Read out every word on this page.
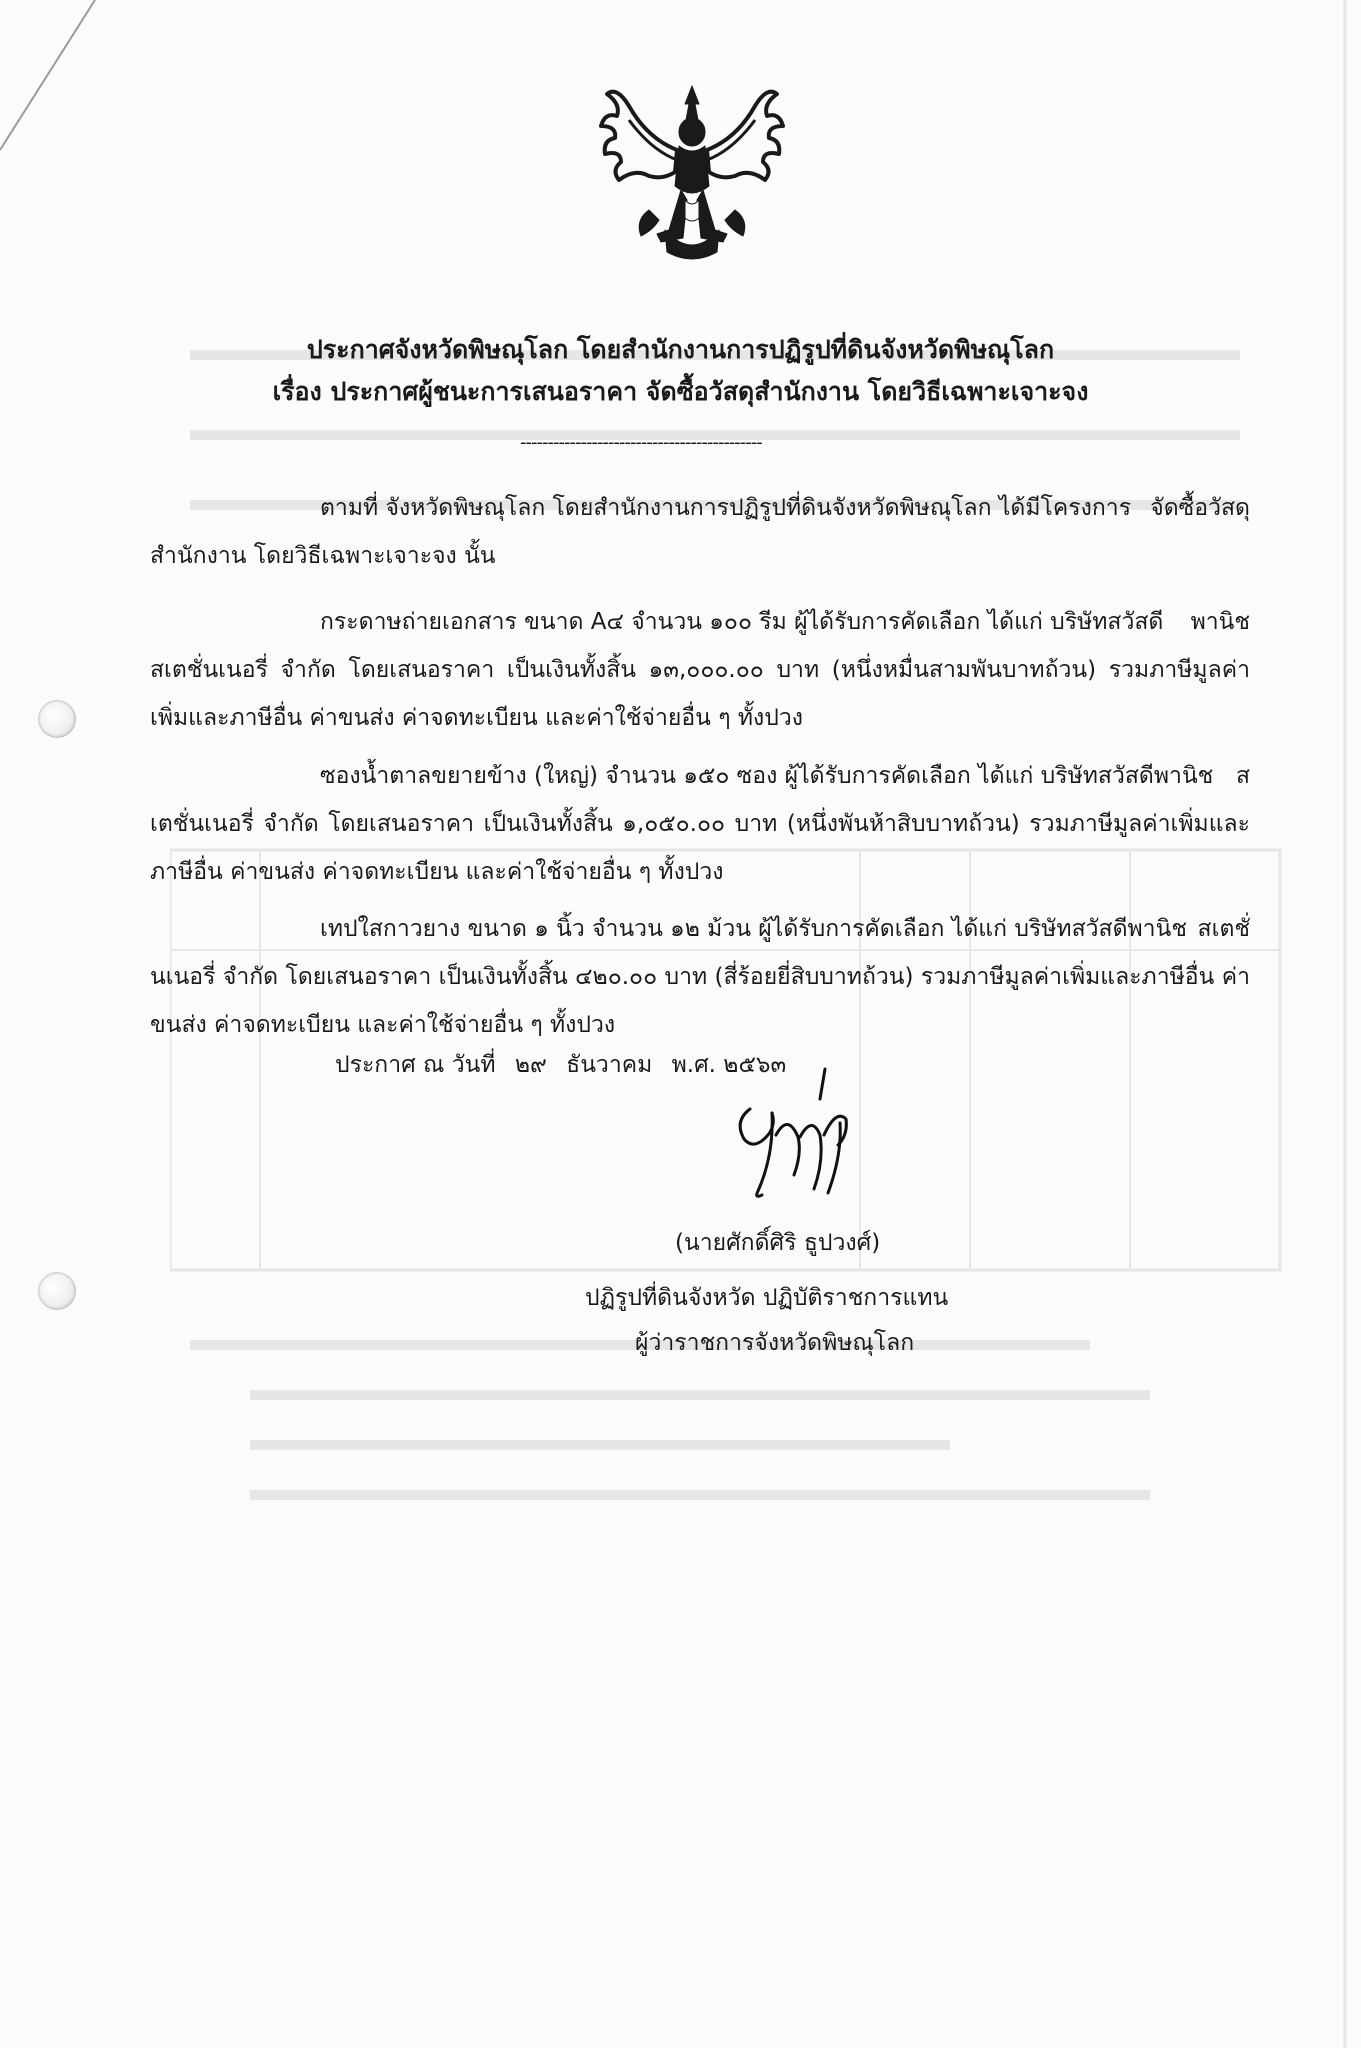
ประกาศจังหวัดพิษณุโลก โดยสำนักงานการปฏิรูปที่ดินจังหวัดพิษณุโลก
เรื่อง ประกาศผู้ชนะการเสนอราคา จัดซื้อวัสดุสำนักงาน โดยวิธีเฉพาะเจาะจง
--------------------------------------------
ตามที่ จังหวัดพิษณุโลก โดยสำนักงานการปฏิรูปที่ดินจังหวัดพิษณุโลก ได้มีโครงการ จัดซื้อวัสดุสำนักงาน โดยวิธีเฉพาะเจาะจง นั้น
กระดาษถ่ายเอกสาร ขนาด A๔ จำนวน ๑๐๐ รีม ผู้ได้รับการคัดเลือก ได้แก่ บริษัทสวัสดี พานิช สเตชั่นเนอรี่ จำกัด โดยเสนอราคา เป็นเงินทั้งสิ้น ๑๓,๐๐๐.๐๐ บาท (หนึ่งหมื่นสามพันบาทถ้วน) รวมภาษีมูลค่าเพิ่มและภาษีอื่น ค่าขนส่ง ค่าจดทะเบียน และค่าใช้จ่ายอื่น ๆ ทั้งปวง
ซองน้ำตาลขยายข้าง (ใหญ่) จำนวน ๑๕๐ ซอง ผู้ได้รับการคัดเลือก ได้แก่ บริษัทสวัสดีพานิช สเตชั่นเนอรี่ จำกัด โดยเสนอราคา เป็นเงินทั้งสิ้น ๑,๐๕๐.๐๐ บาท (หนึ่งพันห้าสิบบาทถ้วน) รวมภาษีมูลค่าเพิ่มและภาษีอื่น ค่าขนส่ง ค่าจดทะเบียน และค่าใช้จ่ายอื่น ๆ ทั้งปวง
เทปใสกาวยาง ขนาด ๑ นิ้ว จำนวน ๑๒ ม้วน ผู้ได้รับการคัดเลือก ได้แก่ บริษัทสวัสดีพานิช สเตชั่นเนอรี่ จำกัด โดยเสนอราคา เป็นเงินทั้งสิ้น ๔๒๐.๐๐ บาท (สี่ร้อยยี่สิบบาทถ้วน) รวมภาษีมูลค่าเพิ่มและภาษีอื่น ค่าขนส่ง ค่าจดทะเบียน และค่าใช้จ่ายอื่น ๆ ทั้งปวง
ประกาศ ณ วันที่ ๒๙ ธันวาคม พ.ศ. ๒๕๖๓
(นายศักดิ์ศิริ ธูปวงศ์)
ปฏิรูปที่ดินจังหวัด ปฏิบัติราชการแทน
ผู้ว่าราชการจังหวัดพิษณุโลก
